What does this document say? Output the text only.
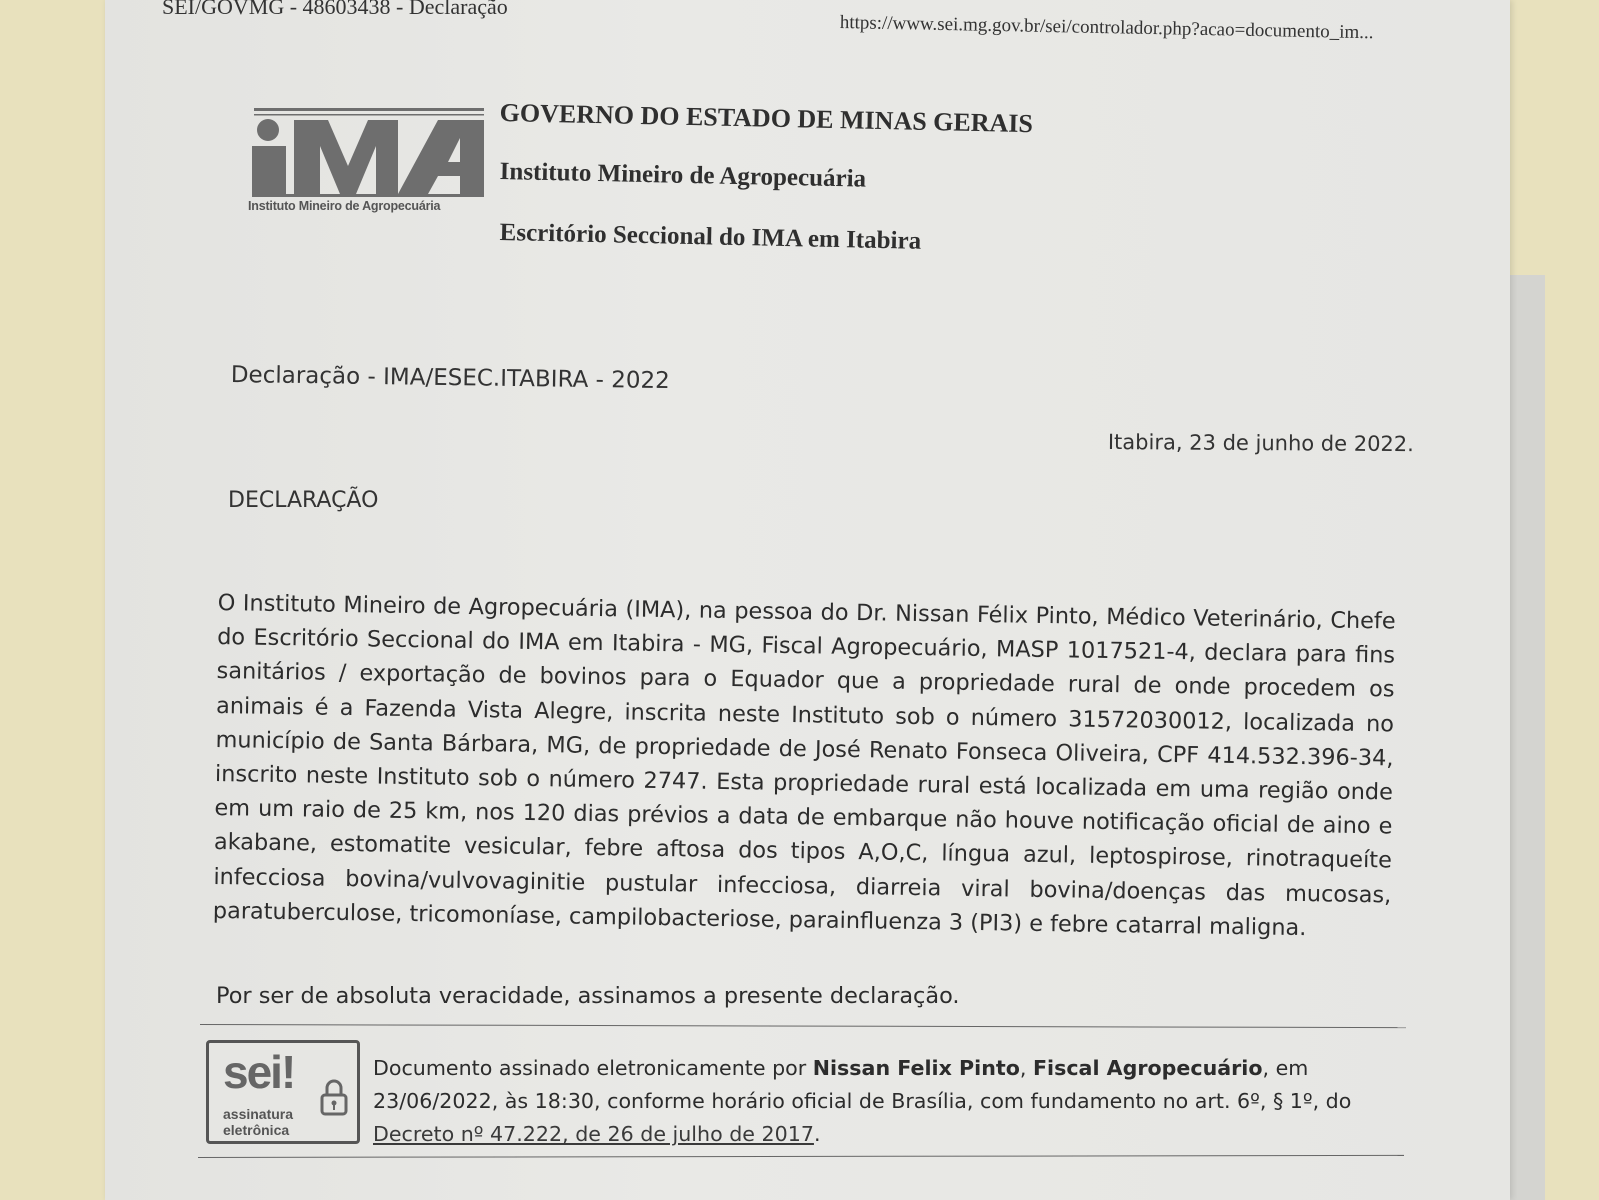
SEI/GOVMG - 48603438 - Declaração
https://www.sei.mg.gov.br/sei/controlador.php?acao=documento_im...
Instituto Mineiro de Agropecuária
GOVERNO DO ESTADO DE MINAS GERAIS
Instituto Mineiro de Agropecuária
Escritório Seccional do IMA em Itabira
Declaração - IMA/ESEC.ITABIRA - 2022
Itabira, 23 de junho de 2022.
DECLARAÇÃO
O Instituto Mineiro de Agropecuária (IMA), na pessoa do Dr. Nissan Félix Pinto, Médico Veterinário, Chefe do Escritório Seccional do IMA em Itabira - MG, Fiscal Agropecuário, MASP 1017521-4, declara para fins sanitários / exportação de bovinos para o Equador que a propriedade rural de onde procedem os animais é a Fazenda Vista Alegre, inscrita neste Instituto sob o número 31572030012, localizada no município de Santa Bárbara, MG, de propriedade de José Renato Fonseca Oliveira, CPF 414.532.396-34, inscrito neste Instituto sob o número 2747. Esta propriedade rural está localizada em uma região onde em um raio de 25 km, nos 120 dias prévios a data de embarque não houve notificação oficial de aino e akabane, estomatite vesicular, febre aftosa dos tipos A,O,C, língua azul, leptospirose, rinotraqueíte infecciosa bovina/vulvovaginitie pustular infecciosa, diarreia viral bovina/doenças das mucosas, paratuberculose, tricomoníase, campilobacteriose, parainfluenza 3 (PI3) e febre catarral maligna.
Por ser de absoluta veracidade, assinamos a presente declaração.
sei!
assinatura
eletrônica
Documento assinado eletronicamente por Nissan Felix Pinto, Fiscal Agropecuário, em 23/06/2022, às 18:30, conforme horário oficial de Brasília, com fundamento no art. 6º, § 1º, do Decreto nº 47.222, de 26 de julho de 2017.
